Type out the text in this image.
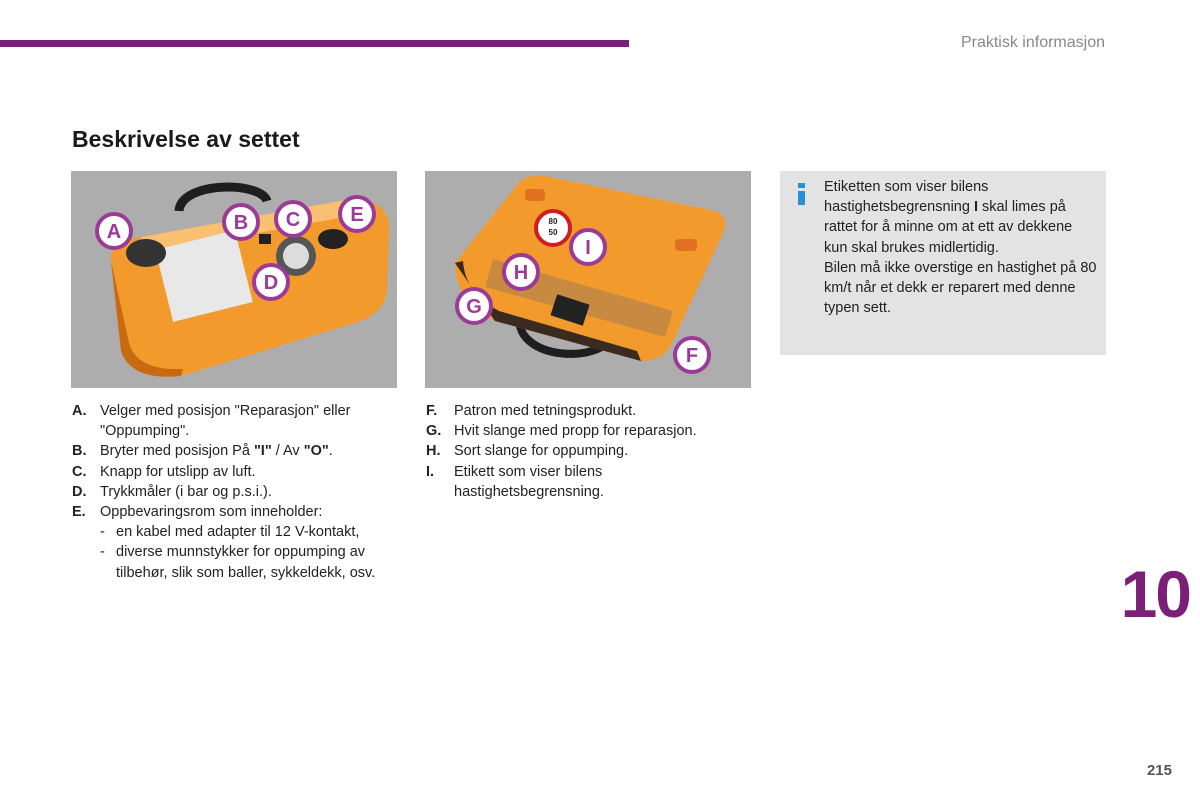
Praktisk informasjon
Beskrivelse av settet
A	B C	E
D
80
50
I
H
G
F
Etiketten som viser bilens hastighetsbegrensning I skal limes på rattet for å minne om at ett av dekkene kun skal brukes midlertidig.
Bilen må ikke overstige en hastighet på 80 km/t når et dekk er reparert med denne typen sett.
A. Velger med posisjon "Reparasjon" eller "Oppumping".
B. Bryter med posisjon På "I" / Av "O".
C. Knapp for utslipp av luft.
D. Trykkmåler (i bar og p.s.i.).
E. Oppbevaringsrom som inneholder:
- en kabel med adapter til 12 V-kontakt,
- diverse munnstykker for oppumping av tilbehør, slik som baller, sykkeldekk, osv.
F. Patron med tetningsprodukt.
G. Hvit slange med propp for reparasjon.
H. Sort slange for oppumping.
I. Etikett som viser bilens hastighetsbegrensning.
10
215
